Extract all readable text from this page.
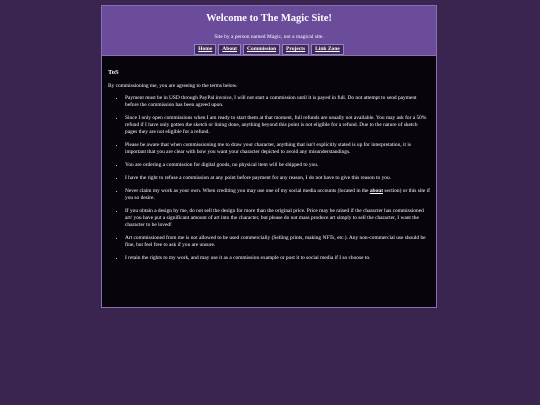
Welcome to The Magic Site!
Site by a person named Magic, not a magical site.
Home	About	Commission	Projects	Link Zone
ToS

By commissioning me, you are agreeing to the terms below.

• Payment must be in USD through PayPal invoice, I will not start a commission until it is payed in full. Do not attempt to send payment before the commission has been agreed upon.
• Since I only open commissions when I am ready to start them at that moment, full refunds are usually not available. You may ask for a 50% refund if I have only gotten the sketch or lining done, anything beyond this point is not eligible for a refund. Due to the nature of sketch pages they are not eligible for a refund.
• Please be aware that when commissioning me to draw your character, anything that isn't explicitly stated is up for interpretation, it is important that you are clear with how you want your character depicted to avoid any misunderstandings.
• You are ordering a commission for digital goods, no physical item will be shipped to you.
• I have the right to refuse a commission at any point before payment for any reason, I do not have to give this reason to you.
• Never claim my work as your own. When crediting you may use one of my social media accounts (located in the about section) or this site if you so desire.
• If you obtain a design by me, do not sell the design for more than the original price. Price may be raised if the character has commissioned art/ you have put a significant amount of art into the character, but please do not mass produce art simply to sell the character, I want the character to be loved!
• Art commissioned from me is not allowed to be used commercially (Selling prints, making NFTs, etc.). Any non-commercial use should be fine, but feel free to ask if you are unsure.
• I retain the rights to my work, and may use it as a commission example or post it to social media if I so choose to.
